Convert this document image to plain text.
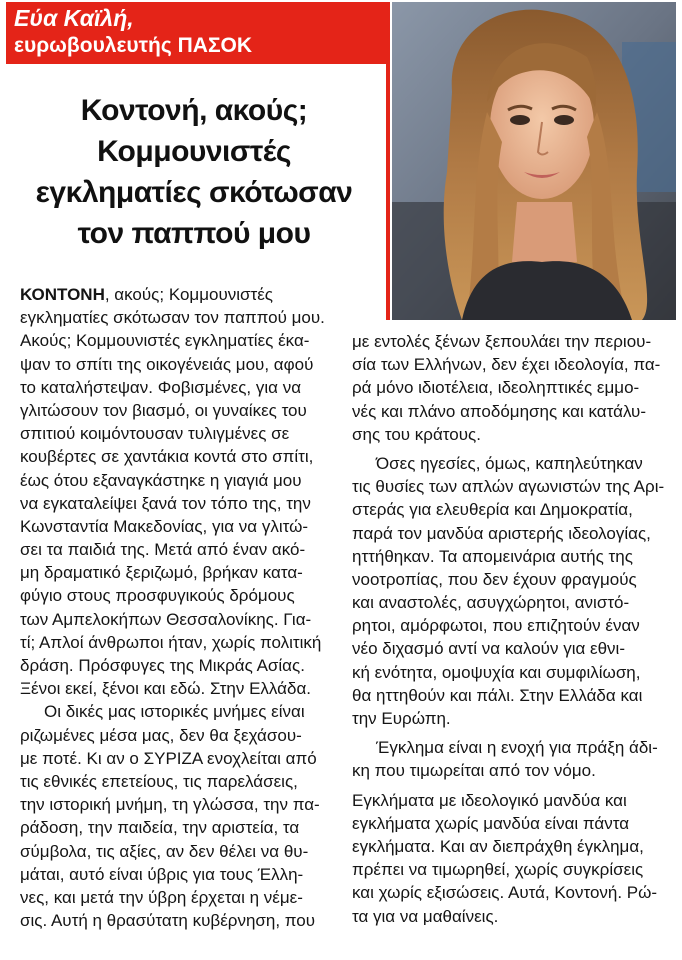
Εύα Καϊλή,
ευρωβουλευτής ΠΑΣΟΚ
Κοντονή, ακούς;
Κομμουνιστές
εγκληματίες σκότωσαν
τον παππού μου
ΚΟΝΤΟΝΗ, ακούς; Κομμουνιστές
εγκληματίες σκότωσαν τον παππού μου.
Ακούς; Κομμουνιστές εγκληματίες έκα-
ψαν το σπίτι της οικογένειάς μου, αφού
το καταλήστεψαν. Φοβισμένες, για να
γλιτώσουν τον βιασμό, οι γυναίκες του
σπιτιού κοιμόντουσαν τυλιγμένες σε
κουβέρτες σε χαντάκια κοντά στο σπίτι,
έως ότου εξαναγκάστηκε η γιαγιά μου
να εγκαταλείψει ξανά τον τόπο της, την
Κωνσταντία Μακεδονίας, για να γλιτώ-
σει τα παιδιά της. Μετά από έναν ακό-
μη δραματικό ξεριζωμό, βρήκαν κατα-
φύγιο στους προσφυγικούς δρόμους
των Αμπελοκήπων Θεσσαλονίκης. Για-
τί; Απλοί άνθρωποι ήταν, χωρίς πολιτική
δράση. Πρόσφυγες της Μικράς Ασίας.
Ξένοι εκεί, ξένοι και εδώ. Στην Ελλάδα.
Οι δικές μας ιστορικές μνήμες είναι
ριζωμένες μέσα μας, δεν θα ξεχάσου-
με ποτέ. Κι αν ο ΣΥΡΙΖΑ ενοχλείται από
τις εθνικές επετείους, τις παρελάσεις,
την ιστορική μνήμη, τη γλώσσα, την πα-
ράδοση, την παιδεία, την αριστεία, τα
σύμβολα, τις αξίες, αν δεν θέλει να θυ-
μάται, αυτό είναι ύβρις για τους Έλλη-
νες, και μετά την ύβρη έρχεται η νέμε-
σις. Αυτή η θρασύτατη κυβέρνηση, που
με εντολές ξένων ξεπουλάει την περιου-
σία των Ελλήνων, δεν έχει ιδεολογία, πα-
ρά μόνο ιδιοτέλεια, ιδεοληπτικές εμμο-
νές και πλάνο αποδόμησης και κατάλυ-
σης του κράτους.
Όσες ηγεσίες, όμως, καπηλεύτηκαν
τις θυσίες των απλών αγωνιστών της Αρι-
στεράς για ελευθερία και Δημοκρατία,
παρά τον μανδύα αριστερής ιδεολογίας,
ηττήθηκαν. Τα απομεινάρια αυτής της
νοοτροπίας, που δεν έχουν φραγμούς
και αναστολές, ασυγχώρητοι, ανιστό-
ρητοι, αμόρφωτοι, που επιζητούν έναν
νέο διχασμό αντί να καλούν για εθνι-
κή ενότητα, ομοψυχία και συμφιλίωση,
θα ηττηθούν και πάλι. Στην Ελλάδα και
την Ευρώπη.
Έγκλημα είναι η ενοχή για πράξη άδι-
κη που τιμωρείται από τον νόμο.
Εγκλήματα με ιδεολογικό μανδύα και
εγκλήματα χωρίς μανδύα είναι πάντα
εγκλήματα. Και αν διεπράχθη έγκλημα,
πρέπει να τιμωρηθεί, χωρίς συγκρίσεις
και χωρίς εξισώσεις. Αυτά, Κοντονή. Ρώ-
τα για να μαθαίνεις.
